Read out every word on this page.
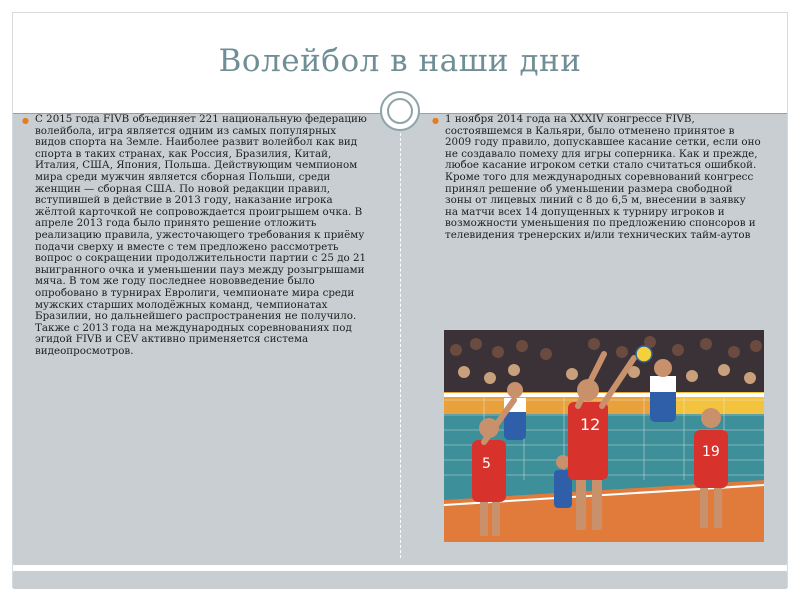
Волейбол в наши дни

● С 2015 года FIVB объединяет 221 национальную федерацию волейбола, игра является одним из самых популярных видов спорта на Земле. Наиболее развит волейбол как вид спорта в таких странах, как Россия, Бразилия, Китай, Италия, США, Япония, Польша. Действующим чемпионом мира среди мужчин является сборная Польши, среди женщин — сборная США. По новой редакции правил, вступившей в действие в 2013 году, наказание игрока жёлтой карточкой не сопровождается проигрышем очка. В апреле 2013 года было принято решение отложить реализацию правила, ужесточающего требования к приёму подачи сверху и вместе с тем предложено рассмотреть вопрос о сокращении продолжительности партии с 25 до 21 выигранного очка и уменьшении пауз между розыгрышами мяча. В том же году последнее нововведение было опробовано в турнирах Евролиги, чемпионате мира среди мужских старших молодёжных команд, чемпионатах Бразилии, но дальнейшего распространения не получило. Также с 2013 года на международных соревнованиях под эгидой FIVB и CEV активно применяется система видеопросмотров.

● 1 ноября 2014 года на XXXIV конгрессе FIVB, состоявшемся в Кальяри, было отменено принятое в 2009 году правило, допускавшее касание сетки, если оно не создавало помеху для игры соперника. Как и прежде, любое касание игроком сетки стало считаться ошибкой. Кроме того для международных соревнований конгресс принял решение об уменьшении размера свободной зоны от лицевых линий с 8 до 6,5 м, внесении в заявку на матчи всех 14 допущенных к турниру игроков и возможности уменьшения по предложению спонсоров и телевидения тренерских и/или технических тайм-аутов

12
19
5
